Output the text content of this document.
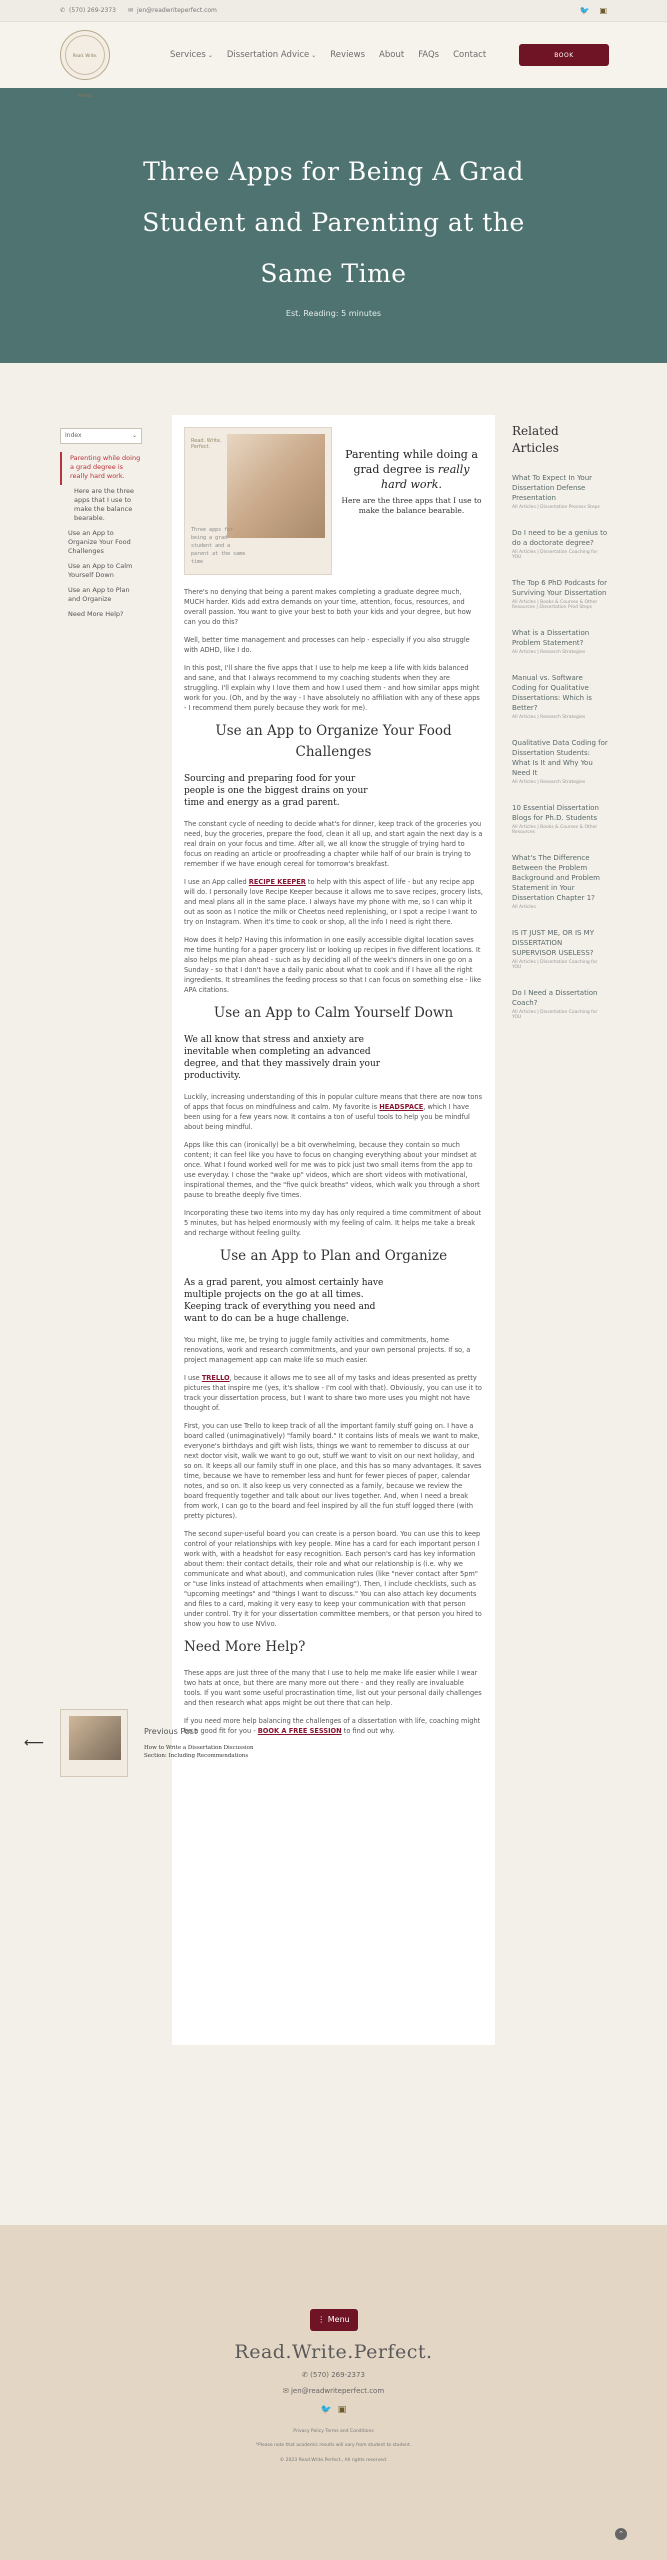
✆ (570) 269-2373 ✉ jen@readwriteperfect.com	🐦 ▣
Read. Write. Perfect.
Services ⌄ Dissertation Advice ⌄ Reviews About FAQs Contact	BOOK
Three Apps for Being A Grad
Student and Parenting at the
Same Time
Est. Reading: 5 minutes
Index	⌄
Parenting while doing a grad degree is really hard work.
Here are the three apps that I use to make the balance bearable.
Use an App to Organize Your Food Challenges
Use an App to Calm Yourself Down
Use an App to Plan and Organize
Need More Help?
Read. Write. Perfect.
Three apps for being a grad student and a parent at the same time
Parenting while doing a grad degree is really hard work.
Here are the three apps that I use to make the balance bearable.

There's no denying that being a parent makes completing a graduate degree much, MUCH harder. Kids add extra demands on your time, attention, focus, resources, and overall passion. You want to give your best to both your kids and your degree, but how can you do this?

Well, better time management and processes can help - especially if you also struggle with ADHD, like I do.

In this post, I'll share the five apps that I use to help me keep a life with kids balanced and sane, and that I always recommend to my coaching students when they are struggling. I'll explain why I love them and how I used them - and how similar apps might work for you. (Oh, and by the way - I have absolutely no affiliation with any of these apps - I recommend them purely because they work for me).

Use an App to Organize Your Food Challenges
Sourcing and preparing food for your people is one the biggest drains on your time and energy as a grad parent.

The constant cycle of needing to decide what's for dinner, keep track of the groceries you need, buy the groceries, prepare the food, clean it all up, and start again the next day is a real drain on your focus and time. After all, we all know the struggle of trying hard to focus on reading an article or proofreading a chapter while half of our brain is trying to remember if we have enough cereal for tomorrow's breakfast.

I use an App called RECIPE KEEPER to help with this aspect of life - but any recipe app will do. I personally love Recipe Keeper because it allows me to save recipes, grocery lists, and meal plans all in the same place. I always have my phone with me, so I can whip it out as soon as I notice the milk or Cheetos need replenishing, or I spot a recipe I want to try on Instagram. When it's time to cook or shop, all the info I need is right there.

How does it help? Having this information in one easily accessible digital location saves me time hunting for a paper grocery list or looking up recipes in five different locations. It also helps me plan ahead - such as by deciding all of the week's dinners in one go on a Sunday - so that I don't have a daily panic about what to cook and if I have all the right ingredients. It streamlines the feeding process so that I can focus on something else - like APA citations.

Use an App to Calm Yourself Down
We all know that stress and anxiety are inevitable when completing an advanced degree, and that they massively drain your productivity.

Luckily, increasing understanding of this in popular culture means that there are now tons of apps that focus on mindfulness and calm. My favorite is HEADSPACE, which I have been using for a few years now. It contains a ton of useful tools to help you be mindful about being mindful.

Apps like this can (ironically) be a bit overwhelming, because they contain so much content; it can feel like you have to focus on changing everything about your mindset at once. What I found worked well for me was to pick just two small items from the app to use everyday. I chose the "wake up" videos, which are short videos with motivational, inspirational themes, and the "five quick breaths" videos, which walk you through a short pause to breathe deeply five times.

Incorporating these two items into my day has only required a time commitment of about 5 minutes, but has helped enormously with my feeling of calm. It helps me take a break and recharge without feeling guilty.

Use an App to Plan and Organize
As a grad parent, you almost certainly have multiple projects on the go at all times. Keeping track of everything you need and want to do can be a huge challenge.

You might, like me, be trying to juggle family activities and commitments, home renovations, work and research commitments, and your own personal projects. If so, a project management app can make life so much easier.

I use TRELLO, because it allows me to see all of my tasks and ideas presented as pretty pictures that inspire me (yes, it's shallow - I'm cool with that). Obviously, you can use it to track your dissertation process, but I want to share two more uses you might not have thought of.

First, you can use Trello to keep track of all the important family stuff going on. I have a board called (unimaginatively) "family board." It contains lists of meals we want to make, everyone's birthdays and gift wish lists, things we want to remember to discuss at our next doctor visit, walk we want to go out, stuff we want to visit on our next holiday, and so on. It keeps all our family stuff in one place, and this has so many advantages. It saves time, because we have to remember less and hunt for fewer pieces of paper, calendar notes, and so on. It also keep us very connected as a family, because we review the board frequently together and talk about our lives together. And, when I need a break from work, I can go to the board and feel inspired by all the fun stuff logged there (with pretty pictures).

The second super-useful board you can create is a person board. You can use this to keep control of your relationships with key people. Mine has a card for each important person I work with, with a headshot for easy recognition. Each person's card has key information about them: their contact details, their role and what our relationship is (i.e. why we communicate and what about), and communication rules (like "never contact after 5pm" or "use links instead of attachments when emailing"). Then, I include checklists, such as "upcoming meetings" and "things I want to discuss." You can also attach key documents and files to a card, making it very easy to keep your communication with that person under control. Try it for your dissertation committee members, or that person you hired to show you how to use NVivo.

Need More Help?

These apps are just three of the many that I use to help me make life easier while I wear two hats at once, but there are many more out there - and they really are invaluable tools. If you want some useful procrastination time, list out your personal daily challenges and then research what apps might be out there that can help.

If you need more help balancing the challenges of a dissertation with life, coaching might be a good fit for you - BOOK A FREE SESSION to find out why.

Related Articles
What To Expect In Your Dissertation Defense Presentation
All Articles | Dissertation Process Steps
Do I need to be a genius to do a doctorate degree?
All Articles | Dissertation Coaching for YOU
The Top 6 PhD Podcasts for Surviving Your Dissertation
All Articles | Books & Courses & Other Resources | Dissertation Prod Steps
What is a Dissertation Problem Statement?
All Articles | Research Strategies
Manual vs. Software Coding for Qualitative Dissertations: Which is Better?
All Articles | Research Strategies
Qualitative Data Coding for Dissertation Students: What Is It and Why You Need It
All Articles | Research Strategies
10 Essential Dissertation Blogs for Ph.D. Students
All Articles | Books & Courses & Other Resources
What's The Difference Between the Problem Background and Problem Statement in Your Dissertation Chapter 1?
All Articles
IS IT JUST ME, OR IS MY DISSERTATION SUPERVISOR USELESS?
All Articles | Dissertation Coaching for YOU
Do I Need a Dissertation Coach?
All Articles | Dissertation Coaching for YOU
⟵
Previous Post
How to Write a Dissertation Discussion Section: Including Recommendations
⋮ Menu
Read.Write.Perfect.
✆ (570) 269-2373
✉ jen@readwriteperfect.com
🐦 ▣
Privacy Policy Terms and Conditions
*Please note that academic results will vary from student to student.
© 2023 Read.Write.Perfect., All rights reserved.
⌃
